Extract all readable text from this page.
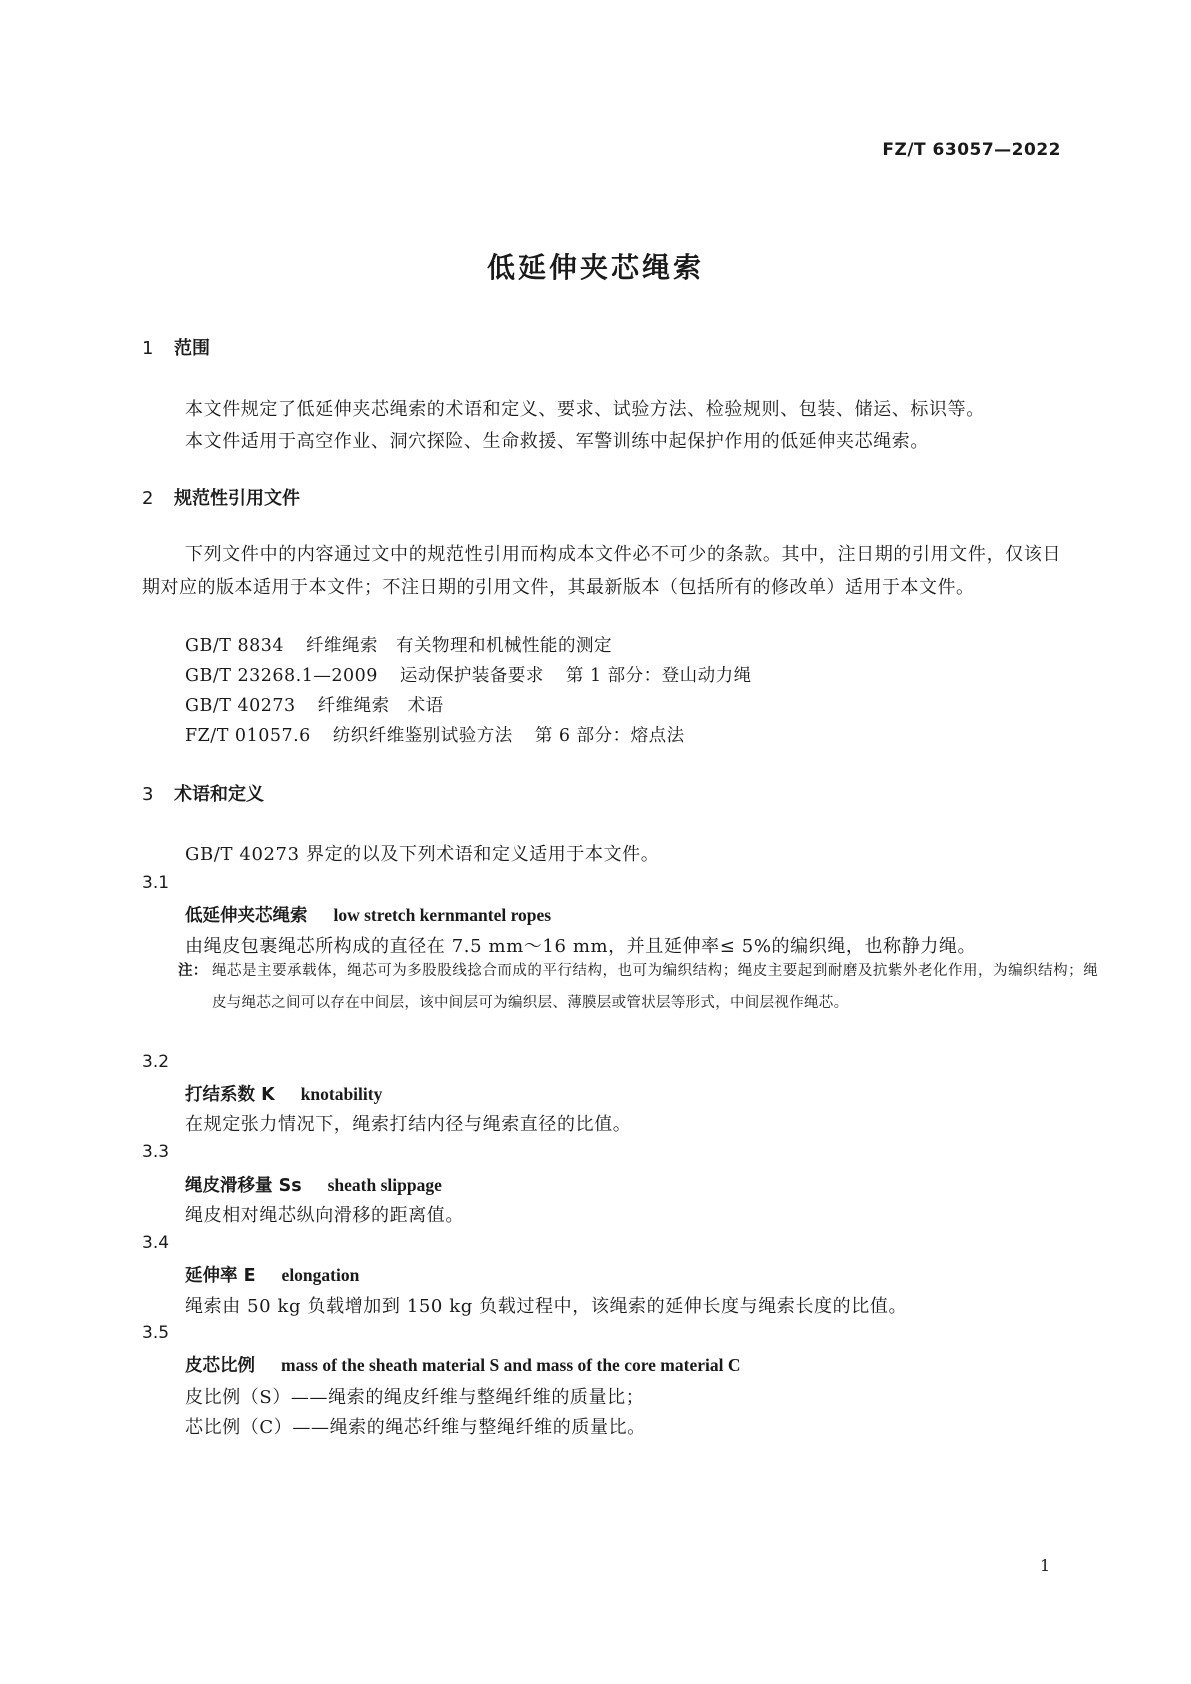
FZ/T 63057—2022
低延伸夹芯绳索
1 范围
本文件规定了低延伸夹芯绳索的术语和定义、要求、试验方法、检验规则、包装、储运、标识等。
本文件适用于高空作业、洞穴探险、生命救援、军警训练中起保护作用的低延伸夹芯绳索。
2 规范性引用文件
下列文件中的内容通过文中的规范性引用而构成本文件必不可少的条款。其中，注日期的引用文件，仅该日期对应的版本适用于本文件；不注日期的引用文件，其最新版本（包括所有的修改单）适用于本文件。
GB/T 8834 纤维绳索　有关物理和机械性能的测定
GB/T 23268.1—2009 运动保护装备要求 第 1 部分：登山动力绳
GB/T 40273 纤维绳索　术语
FZ/T 01057.6 纺织纤维鉴别试验方法 第 6 部分：熔点法
3 术语和定义
GB/T 40273 界定的以及下列术语和定义适用于本文件。
3.1
低延伸夹芯绳索 low stretch kernmantel ropes
由绳皮包裹绳芯所构成的直径在 7.5 mm～16 mm，并且延伸率≤ 5%的编织绳，也称静力绳。
注： 绳芯是主要承载体，绳芯可为多股股线捻合而成的平行结构，也可为编织结构；绳皮主要起到耐磨及抗紫外老化作用，为编织结构；绳皮与绳芯之间可以存在中间层，该中间层可为编织层、薄膜层或管状层等形式，中间层视作绳芯。
3.2
打结系数 K knotability
在规定张力情况下，绳索打结内径与绳索直径的比值。
3.3
绳皮滑移量 Ss sheath slippage
绳皮相对绳芯纵向滑移的距离值。
3.4
延伸率 E elongation
绳索由 50 kg 负载增加到 150 kg 负载过程中，该绳索的延伸长度与绳索长度的比值。
3.5
皮芯比例 mass of the sheath material S and mass of the core material C
皮比例（S）——绳索的绳皮纤维与整绳纤维的质量比；
芯比例（C）——绳索的绳芯纤维与整绳纤维的质量比。
1
